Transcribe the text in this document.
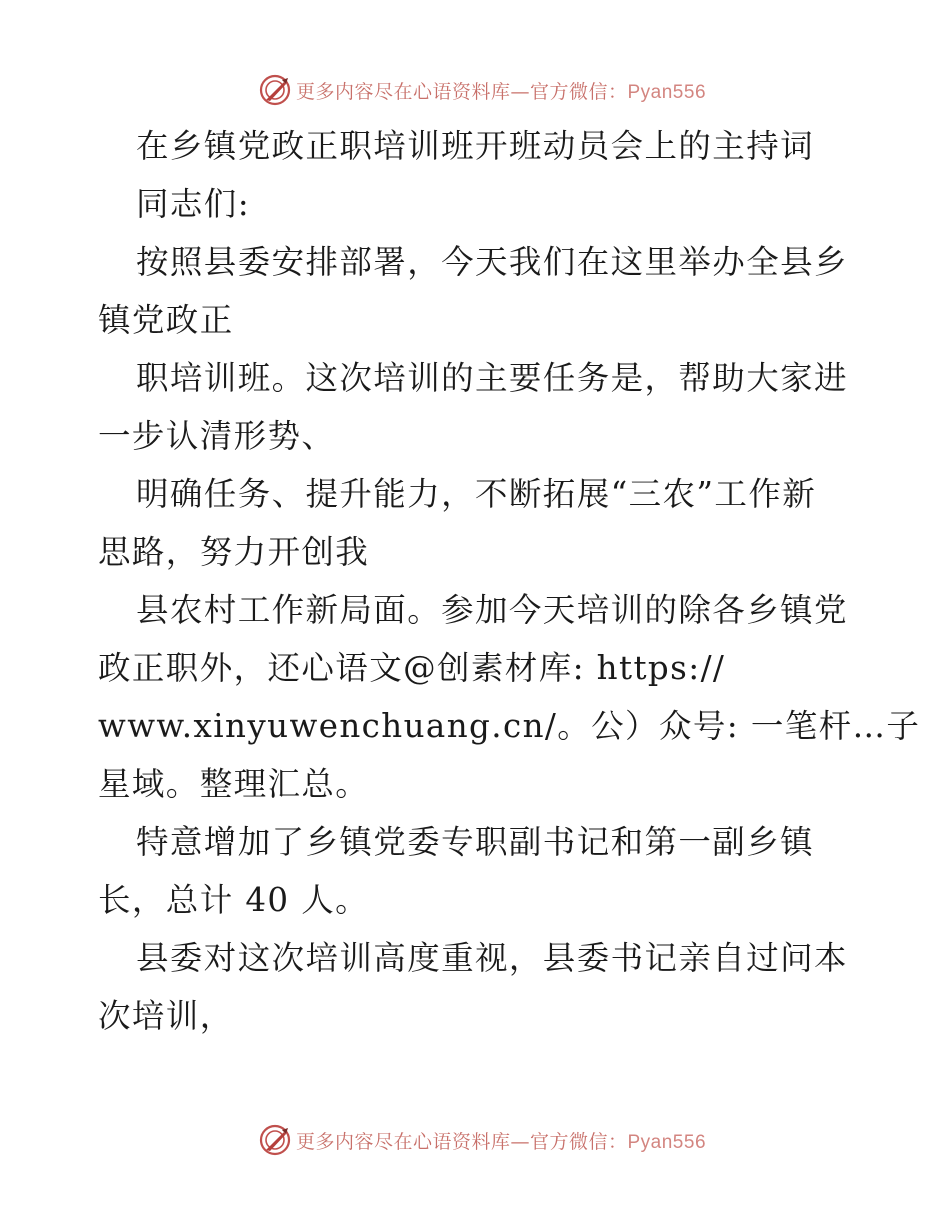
更多内容尽在心语资料库—官方微信：Pyan556
在乡镇党政正职培训班开班动员会上的主持词
同志们:
按照县委安排部署，今天我们在这里举办全县乡
镇党政正
职培训班。这次培训的主要任务是，帮助大家进
一步认清形势、
明确任务、提升能力，不断拓展“三农”工作新
思路，努力开创我
县农村工作新局面。参加今天培训的除各乡镇党
政正职外，还心语文@创素材库: https://
www.xinyuwenchuang.cn/。公）众号: 一笔杆…子
星域。整理汇总。
特意增加了乡镇党委专职副书记和第一副乡镇
长，总计 40 人。
县委对这次培训高度重视，县委书记亲自过问本
次培训，
更多内容尽在心语资料库—官方微信：Pyan556
